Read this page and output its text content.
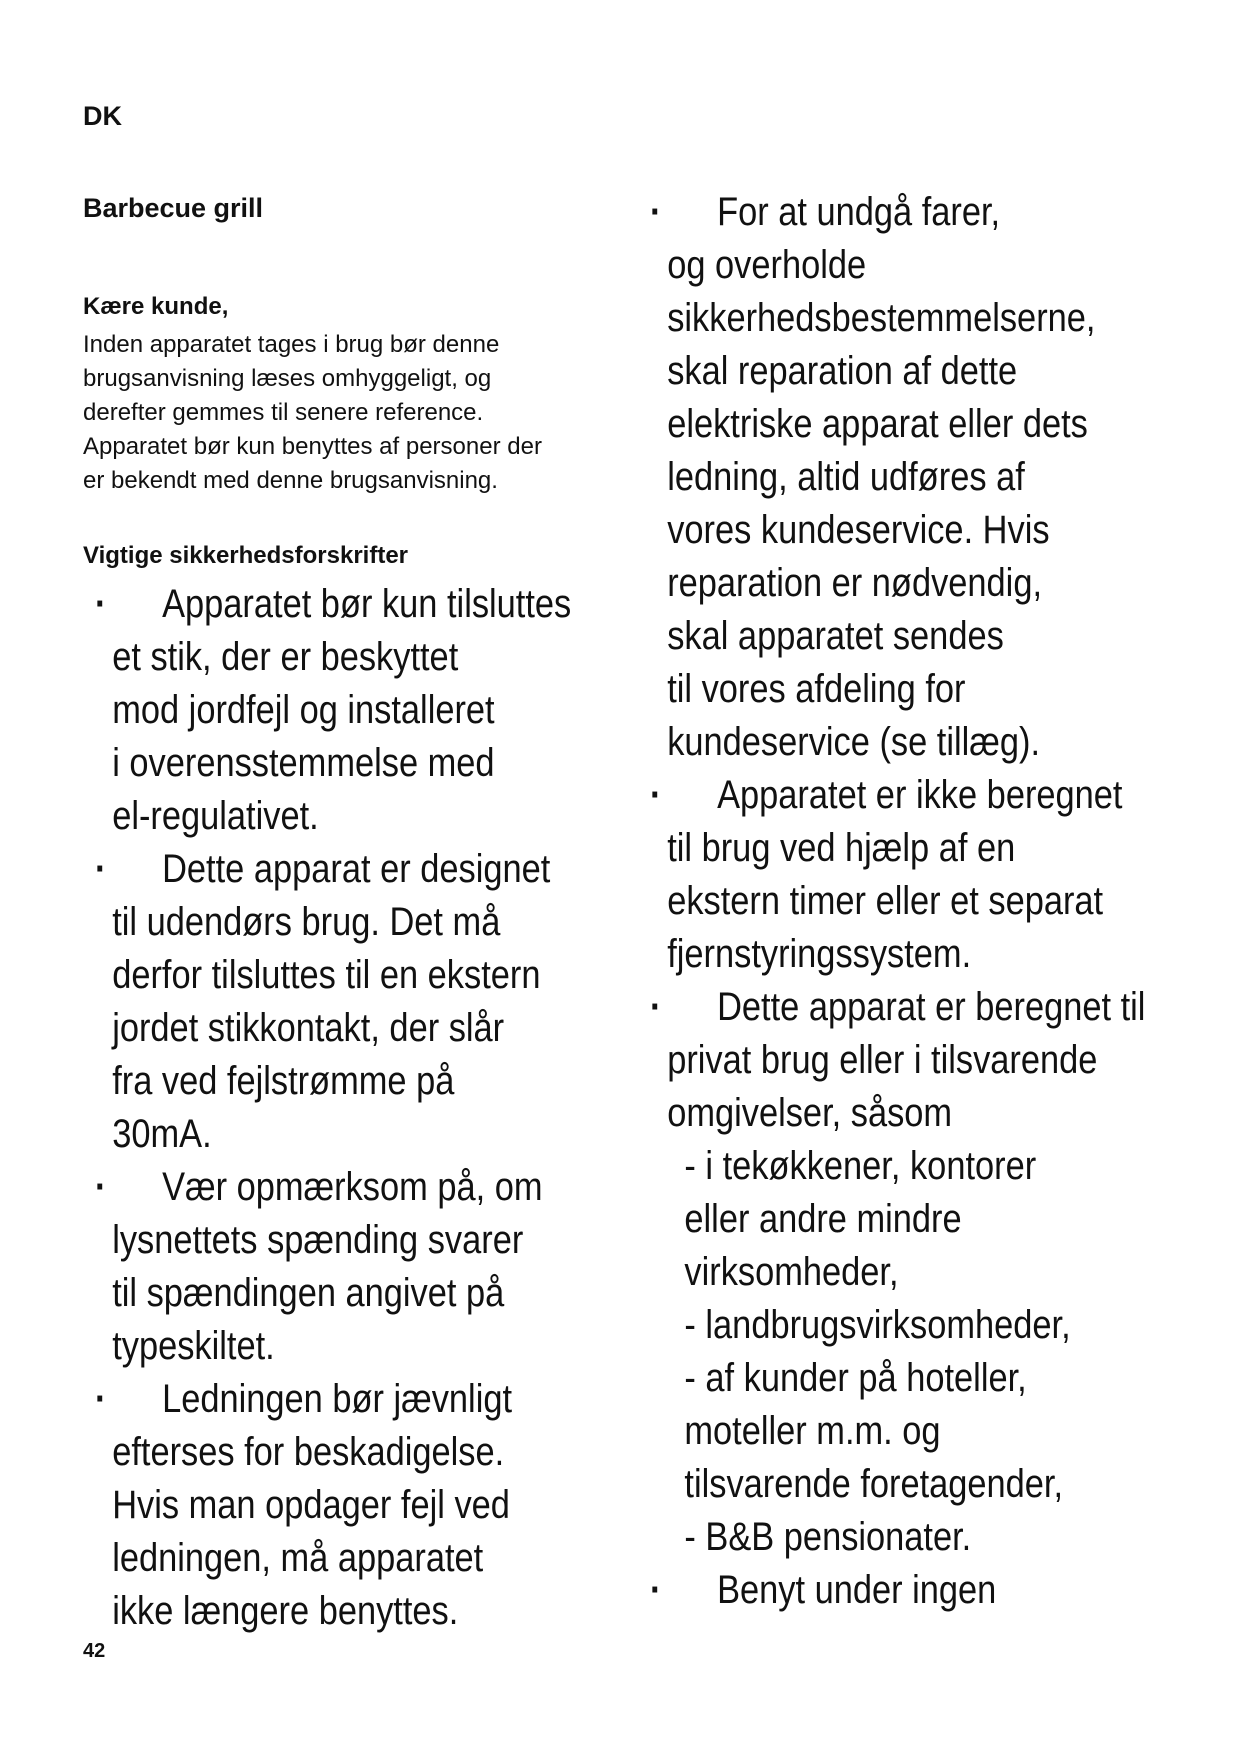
DK
Barbecue grill
Kære kunde,
Inden apparatet tages i brug bør denne
brugsanvisning læses omhyggeligt, og
derefter gemmes til senere reference.
Apparatet bør kun benyttes af personer der
er bekendt med denne brugsanvisning.
Vigtige sikkerhedsforskrifter
· Apparatet bør kun tilsluttes
et stik, der er beskyttet
mod jordfejl og installeret
i overensstemmelse med
el-regulativet.
· Dette apparat er designet
til udendørs brug. Det må
derfor tilsluttes til en ekstern
jordet stikkontakt, der slår
fra ved fejlstrømme på
30mA.
· Vær opmærksom på, om
lysnettets spænding svarer
til spændingen angivet på
typeskiltet.
· Ledningen bør jævnligt
efterses for beskadigelse.
Hvis man opdager fejl ved
ledningen, må apparatet
ikke længere benyttes.
· For at undgå farer,
og overholde
sikkerhedsbestemmelserne,
skal reparation af dette
elektriske apparat eller dets
ledning, altid udføres af
vores kundeservice. Hvis
reparation er nødvendig,
skal apparatet sendes
til vores afdeling for
kundeservice (se tillæg).
· Apparatet er ikke beregnet
til brug ved hjælp af en
ekstern timer eller et separat
fjernstyringssystem.
· Dette apparat er beregnet til
privat brug eller i tilsvarende
omgivelser, såsom
- i tekøkkener, kontorer
eller andre mindre
virksomheder,
- landbrugsvirksomheder,
- af kunder på hoteller,
moteller m.m. og
tilsvarende foretagender,
- B&B pensionater.
· Benyt under ingen
42
